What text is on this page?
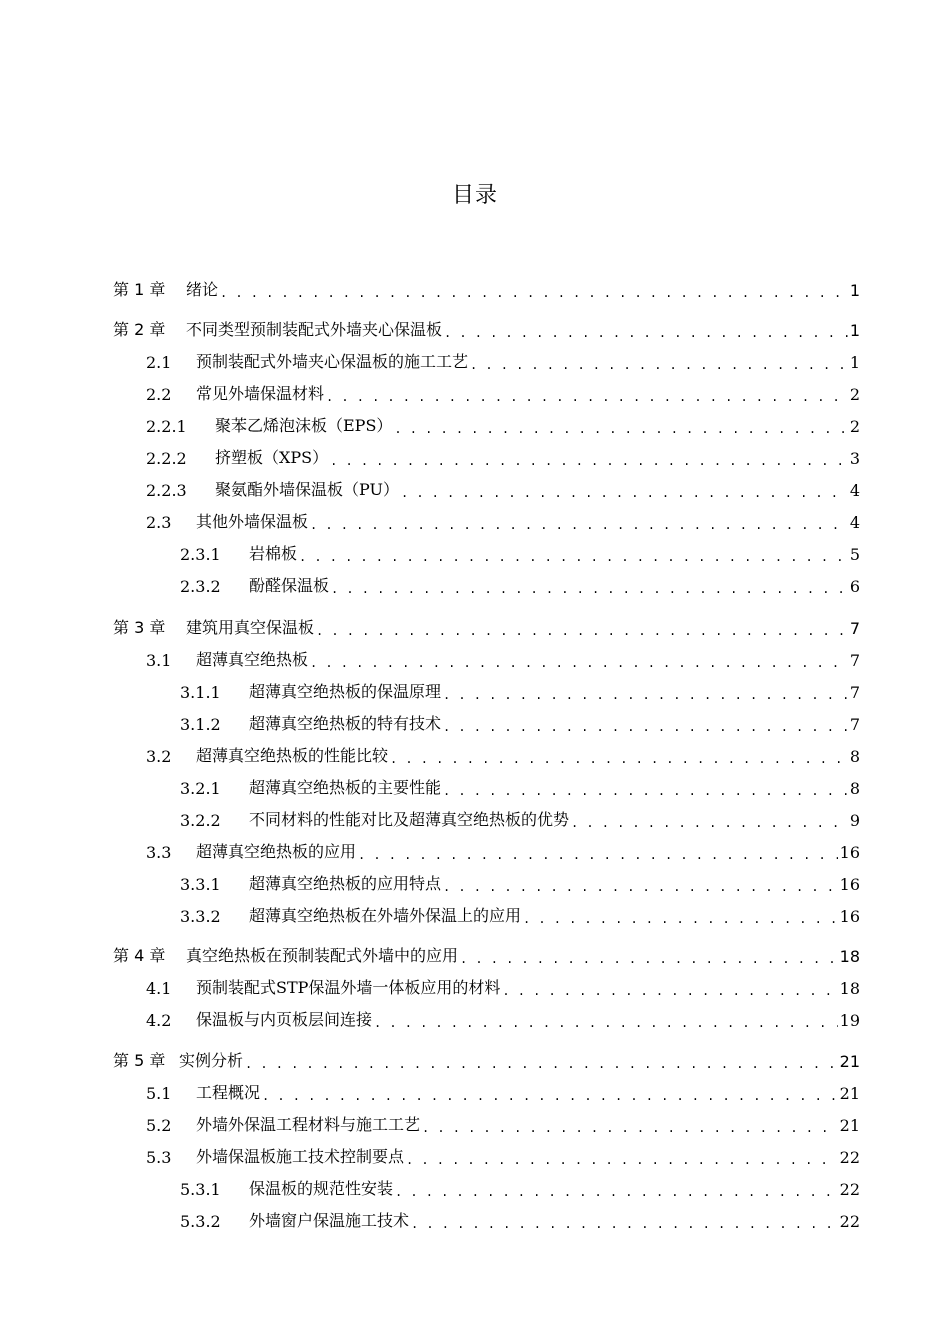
目录
第 1 章	绪论 . . .	1
第 2 章	不同类型预制装配式外墙夹心保温板 . . .	1
2.1	预制装配式外墙夹心保温板的施工工艺 . . .	1
2.2	常见外墙保温材料 . . .	2
2.2.1	聚苯乙烯泡沫板（EPS） . . .	2
2.2.2	挤塑板（XPS） . . .	3
2.2.3	聚氨酯外墙保温板（PU） . . .	4
2.3	其他外墙保温板 . . .	4
2.3.1	岩棉板 . . .	5
2.3.2	酚醛保温板 . . .	6
第 3 章	建筑用真空保温板 . . .	7
3.1	超薄真空绝热板 . . .	7
3.1.1	超薄真空绝热板的保温原理 . . .	7
3.1.2	超薄真空绝热板的特有技术 . . .	7
3.2	超薄真空绝热板的性能比较 . . .	8
3.2.1	超薄真空绝热板的主要性能 . . .	8
3.2.2	不同材料的性能对比及超薄真空绝热板的优势 . . .	9
3.3	超薄真空绝热板的应用 . . .	16
3.3.1	超薄真空绝热板的应用特点 . . .	16
3.3.2	超薄真空绝热板在外墙外保温上的应用 . . .	16
第 4 章	真空绝热板在预制装配式外墙中的应用 . . .	18
4.1	预制装配式STP保温外墙一体板应用的材料 . . .	18
4.2	保温板与内页板层间连接 . . .	19
第 5 章 实例分析 . . .	21
5.1	工程概况 . . .	21
5.2	外墙外保温工程材料与施工工艺 . . .	21
5.3	外墙保温板施工技术控制要点 . . .	22
5.3.1	保温板的规范性安装 . . .	22
5.3.2	外墙窗户保温施工技术 . . .	22
